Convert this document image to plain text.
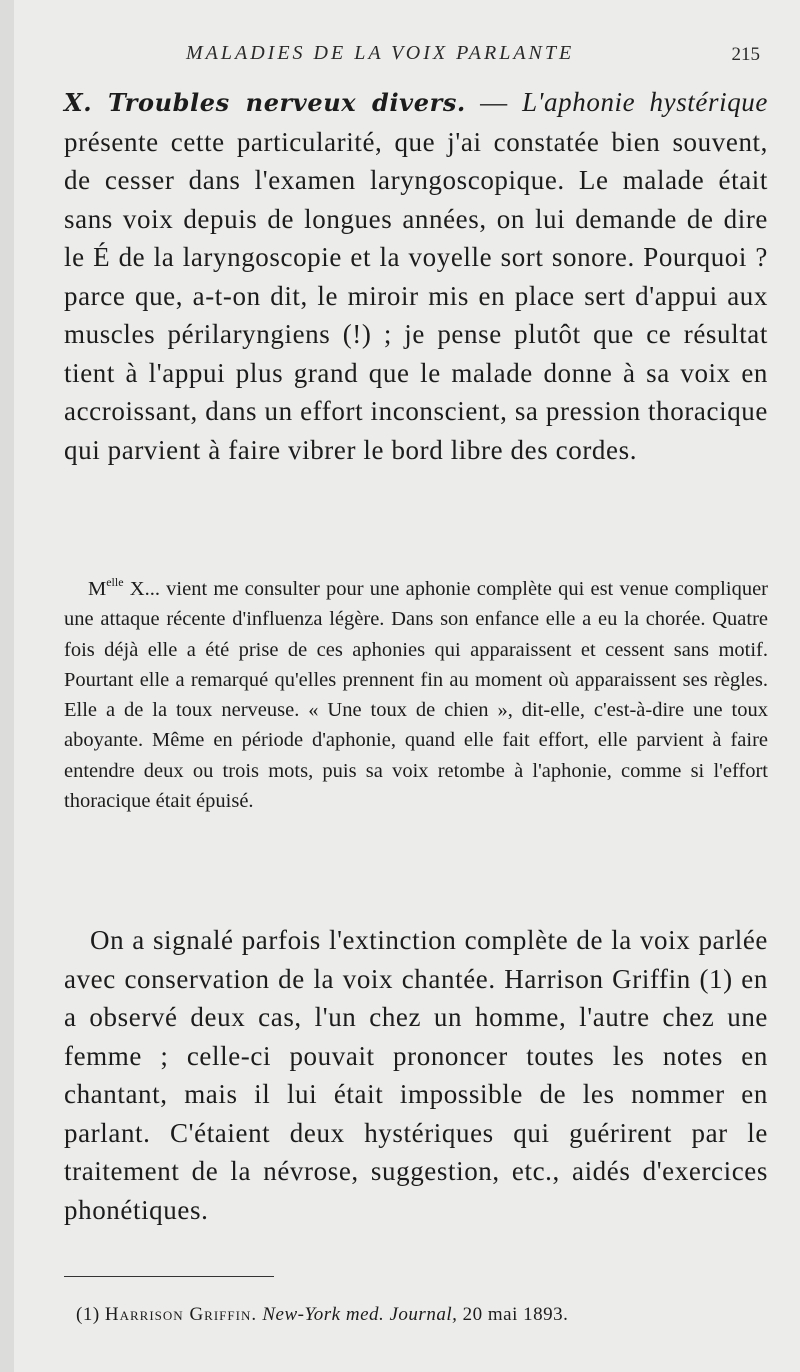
MALADIES DE LA VOIX PARLANTE	215
X. Troubles nerveux divers. — L'aphonie hystérique présente cette particularité, que j'ai constatée bien souvent, de cesser dans l'examen laryngoscopique. Le malade était sans voix depuis de longues années, on lui demande de dire le É de la laryngoscopie et la voyelle sort sonore. Pourquoi ? parce que, a-t-on dit, le miroir mis en place sert d'appui aux muscles périlaryngiens (!) ; je pense plutôt que ce résultat tient à l'appui plus grand que le malade donne à sa voix en accroissant, dans un effort inconscient, sa pression thoracique qui parvient à faire vibrer le bord libre des cordes.
$M^{elle}$ X... vient me consulter pour une aphonie complète qui est venue compliquer une attaque récente d'influenza légère. Dans son enfance elle a eu la chorée. Quatre fois déjà elle a été prise de ces aphonies qui apparaissent et cessent sans motif. Pourtant elle a remarqué qu'elles prennent fin au moment où apparaissent ses règles. Elle a de la toux nerveuse. « Une toux de chien », dit-elle, c'est-à-dire une toux aboyante. Même en période d'aphonie, quand elle fait effort, elle parvient à faire entendre deux ou trois mots, puis sa voix retombe à l'aphonie, comme si l'effort thoracique était épuisé.
On a signalé parfois l'extinction complète de la voix parlée avec conservation de la voix chantée. Harrison Griffin (1) en a observé deux cas, l'un chez un homme, l'autre chez une femme ; celle-ci pouvait prononcer toutes les notes en chantant, mais il lui était impossible de les nommer en parlant. C'étaient deux hystériques qui guérirent par le traitement de la névrose, suggestion, etc., aidés d'exercices phonétiques.
(1) Harrison Griffin. New-York med. Journal, 20 mai 1893.
